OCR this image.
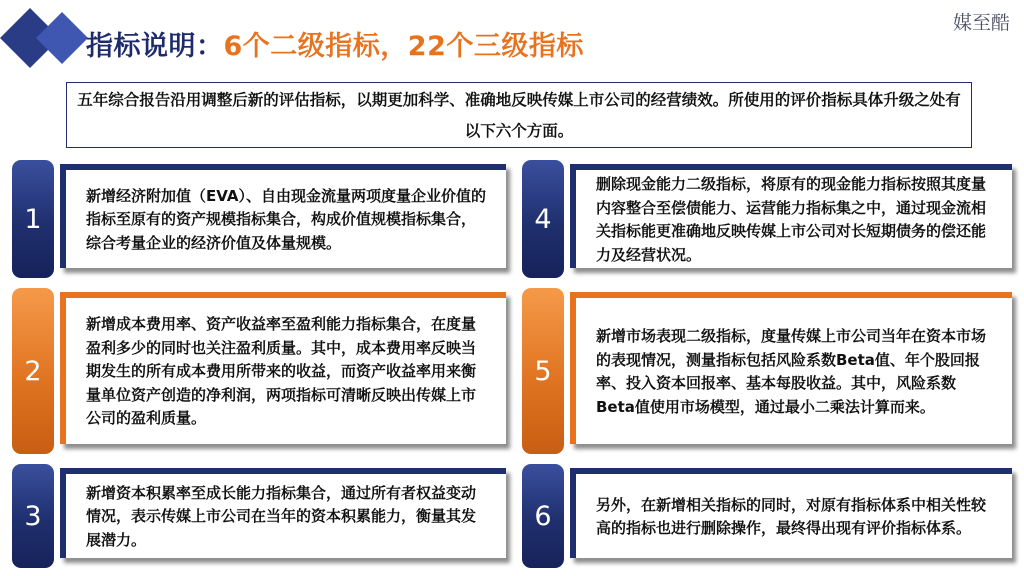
指标说明：6个二级指标，22个三级指标
媒至酷
五年综合报告沿用调整后新的评估指标，以期更加科学、准确地反映传媒上市公司的经营绩效。所使用的评价指标具体升级之处有以下六个方面。
1
新增经济附加值（EVA）、自由现金流量两项度量企业价值的指标至原有的资产规模指标集合，构成价值规模指标集合，综合考量企业的经济价值及体量规模。
2
新增成本费用率、资产收益率至盈利能力指标集合，在度量盈利多少的同时也关注盈利质量。其中，成本费用率反映当期发生的所有成本费用所带来的收益，而资产收益率用来衡量单位资产创造的净利润，两项指标可清晰反映出传媒上市公司的盈利质量。
3
新增资本积累率至成长能力指标集合，通过所有者权益变动情况，表示传媒上市公司在当年的资本积累能力，衡量其发展潜力。
4
删除现金能力二级指标，将原有的现金能力指标按照其度量内容整合至偿债能力、运营能力指标集之中，通过现金流相关指标能更准确地反映传媒上市公司对长短期债务的偿还能力及经营状况。
5
新增市场表现二级指标，度量传媒上市公司当年在资本市场的表现情况，测量指标包括风险系数Beta值、年个股回报率、投入资本回报率、基本每股收益。其中，风险系数Beta值使用市场模型，通过最小二乘法计算而来。
6	另外，在新增相关指标的同时，对原有指标体系中相关性较高的指标也进行删除操作，最终得出现有评价指标体系。
